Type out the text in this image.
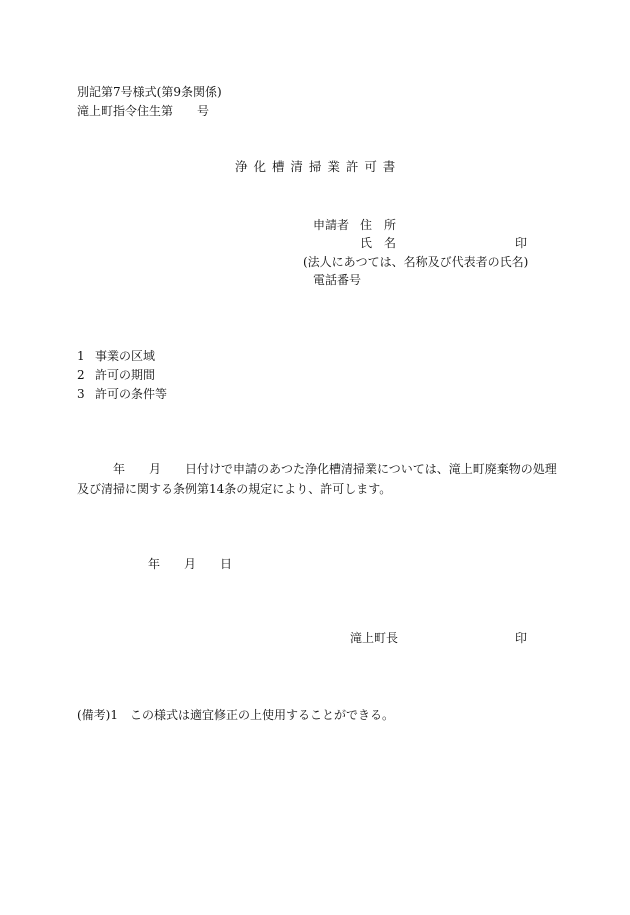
別記第7号様式(第9条関係)
滝上町指令住生第　　号
浄 化 槽 清 掃 業 許 可 書
申請者 住　所
氏　名	印
(法人にあつては、名称及び代表者の氏名)
電話番号
1 事業の区域
2 許可の期間
3 許可の条件等
年　　月　　日付けで申請のあつた浄化槽清掃業については、滝上町廃棄物の処理
及び清掃に関する条例第14条の規定により、許可します。
年 月 日
滝上町長	印
(備考)1　この様式は適宜修正の上使用することができる。
